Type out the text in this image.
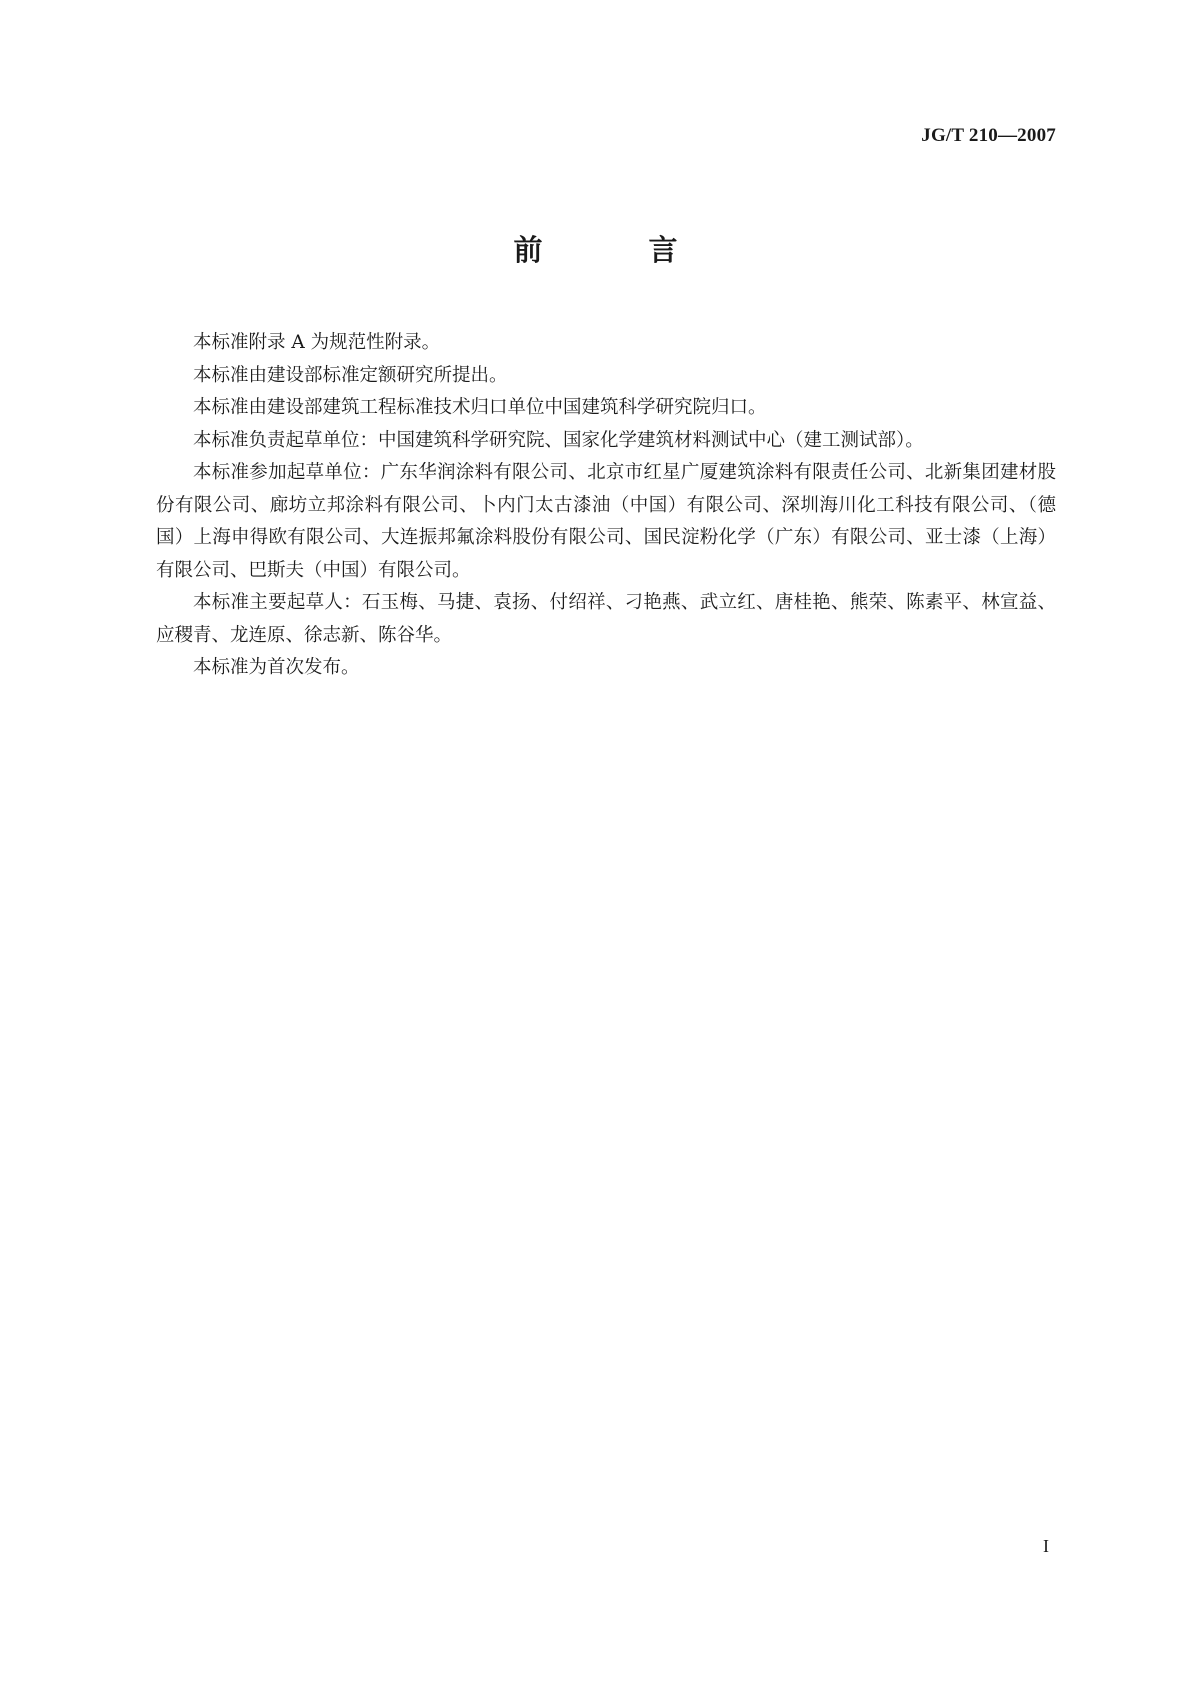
JG/T 210—2007
前 言

本标准附录 A 为规范性附录。

本标准由建设部标准定额研究所提出。

本标准由建设部建筑工程标准技术归口单位中国建筑科学研究院归口。

本标准负责起草单位：中国建筑科学研究院、国家化学建筑材料测试中心（建工测试部）。

本标准参加起草单位：广东华润涂料有限公司、北京市红星广厦建筑涂料有限责任公司、北新集团建材股份有限公司、廊坊立邦涂料有限公司、卜内门太古漆油（中国）有限公司、深圳海川化工科技有限公司、（德国）上海申得欧有限公司、大连振邦氟涂料股份有限公司、国民淀粉化学（广东）有限公司、亚士漆（上海）有限公司、巴斯夫（中国）有限公司。

本标准主要起草人：石玉梅、马捷、袁扬、付绍祥、刁艳燕、武立红、唐桂艳、熊荣、陈素平、林宣益、应稷青、龙连原、徐志新、陈谷华。

本标准为首次发布。

I
